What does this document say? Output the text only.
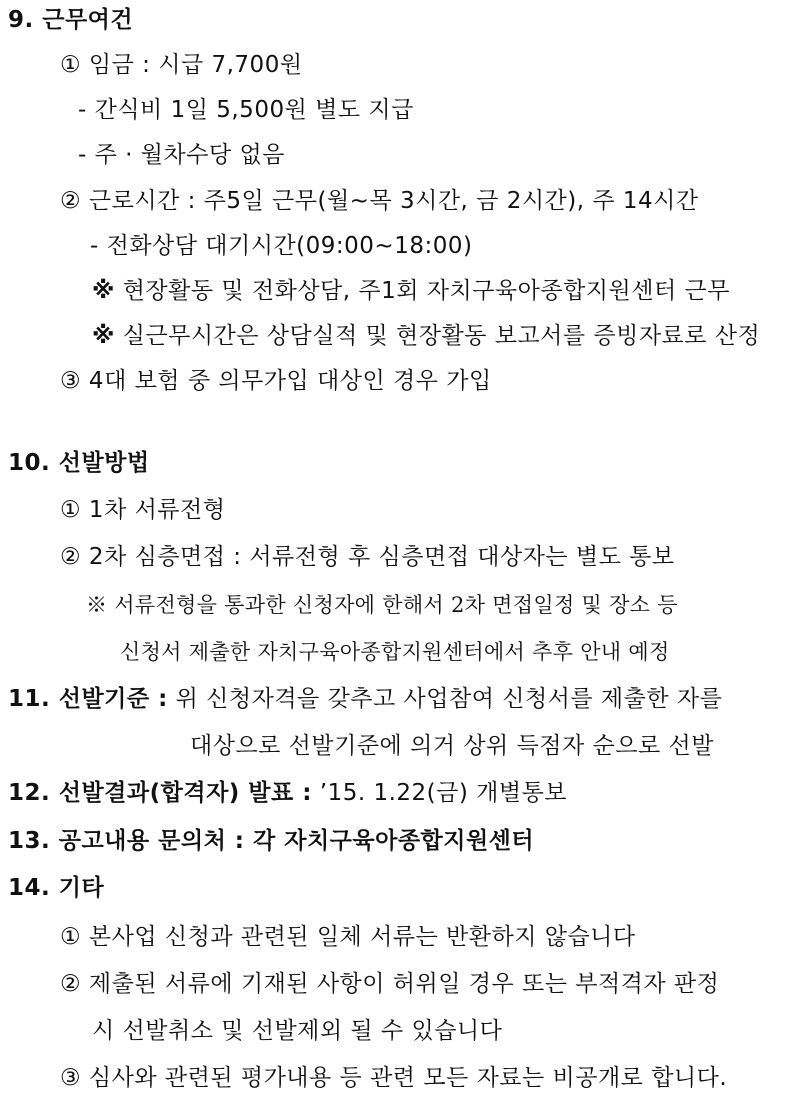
9. 근무여건
① 임금 : 시급 7,700원
- 간식비 1일 5,500원 별도 지급
- 주 · 월차수당 없음
② 근로시간 : 주5일 근무(월~목 3시간, 금 2시간), 주 14시간
- 전화상담 대기시간(09:00~18:00)
※ 현장활동 및 전화상담, 주1회 자치구육아종합지원센터 근무
※ 실근무시간은 상담실적 및 현장활동 보고서를 증빙자료로 산정
③ 4대 보험 중 의무가입 대상인 경우 가입
10. 선발방법
① 1차 서류전형
② 2차 심층면접 : 서류전형 후 심층면접 대상자는 별도 통보
※ 서류전형을 통과한 신청자에 한해서 2차 면접일정 및 장소 등
신청서 제출한 자치구육아종합지원센터에서 추후 안내 예정
11. 선발기준 : 위 신청자격을 갖추고 사업참여 신청서를 제출한 자를
대상으로 선발기준에 의거 상위 득점자 순으로 선발
12. 선발결과(합격자) 발표 : ’15. 1.22(금) 개별통보
13. 공고내용 문의처 : 각 자치구육아종합지원센터
14. 기타
① 본사업 신청과 관련된 일체 서류는 반환하지 않습니다
② 제출된 서류에 기재된 사항이 허위일 경우 또는 부적격자 판정
시 선발취소 및 선발제외 될 수 있습니다
③ 심사와 관련된 평가내용 등 관련 모든 자료는 비공개로 합니다.
